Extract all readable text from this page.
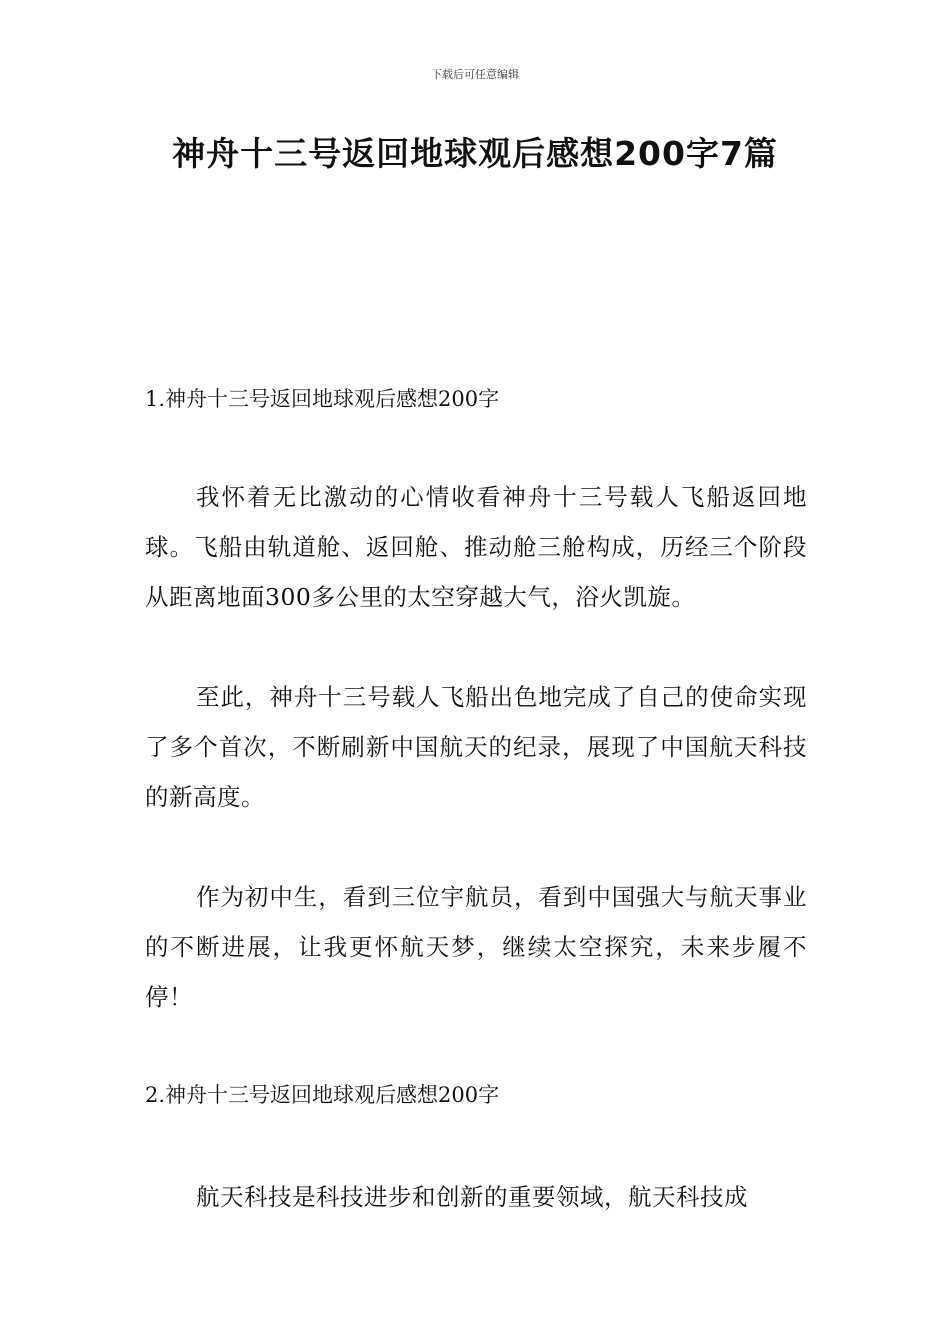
下载后可任意编辑
神舟十三号返回地球观后感想200字7篇
1.神舟十三号返回地球观后感想200字

我怀着无比激动的心情收看神舟十三号载人飞船返回地球。飞船由轨道舱、返回舱、推动舱三舱构成，历经三个阶段从距离地面300多公里的太空穿越大气，浴火凯旋。

至此，神舟十三号载人飞船出色地完成了自己的使命实现了多个首次，不断刷新中国航天的纪录，展现了中国航天科技的新高度。

作为初中生，看到三位宇航员，看到中国强大与航天事业的不断进展，让我更怀航天梦，继续太空探究，未来步履不停！

2.神舟十三号返回地球观后感想200字

航天科技是科技进步和创新的重要领域，航天科技成
